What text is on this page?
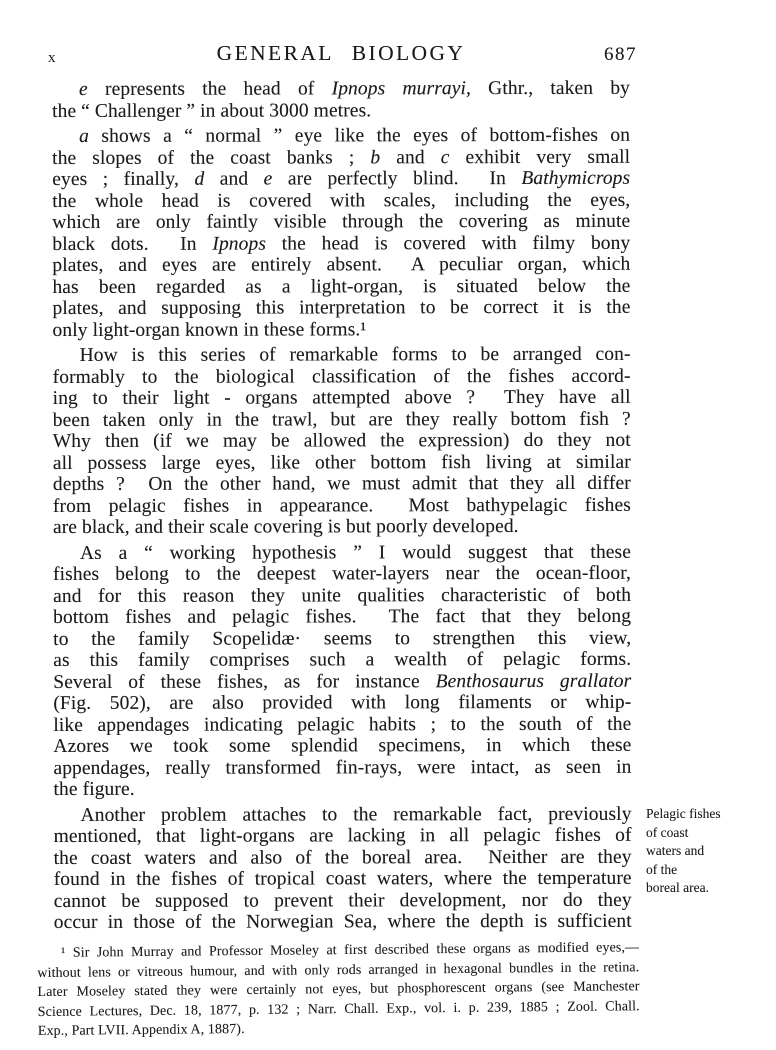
x	GENERAL BIOLOGY	687
e represents the head of Ipnops murrayi, Gthr., taken by
the “ Challenger ” in about 3000 metres.
a shows a “ normal ” eye like the eyes of bottom-fishes on
the slopes of the coast banks ; b and c exhibit very small
eyes ; finally, d and e are perfectly blind.  In Bathymicrops
the whole head is covered with scales, including the eyes,
which are only faintly visible through the covering as minute
black dots.  In Ipnops the head is covered with filmy bony
plates, and eyes are entirely absent.  A peculiar organ, which
has been regarded as a light-organ, is situated below the
plates, and supposing this interpretation to be correct it is the
only light-organ known in these forms.¹
How is this series of remarkable forms to be arranged con-
formably to the biological classification of the fishes accord-
ing to their light - organs attempted above ?  They have all
been taken only in the trawl, but are they really bottom fish ?
Why then (if we may be allowed the expression) do they not
all possess large eyes, like other bottom fish living at similar
depths ?  On the other hand, we must admit that they all differ
from pelagic fishes in appearance.  Most bathypelagic fishes
are black, and their scale covering is but poorly developed.
As a “ working hypothesis ” I would suggest that these
fishes belong to the deepest water-layers near the ocean-floor,
and for this reason they unite qualities characteristic of both
bottom fishes and pelagic fishes.  The fact that they belong
to the family Scopelidæ· seems to strengthen this view,
as this family comprises such a wealth of pelagic forms.
Several of these fishes, as for instance Benthosaurus grallator
(Fig. 502), are also provided with long filaments or whip-
like appendages indicating pelagic habits ; to the south of the
Azores we took some splendid specimens, in which these
appendages, really transformed fin-rays, were intact, as seen in
the figure.
Another problem attaches to the remarkable fact, previously
mentioned, that light-organs are lacking in all pelagic fishes of
the coast waters and also of the boreal area.  Neither are they
found in the fishes of tropical coast waters, where the temperature
cannot be supposed to prevent their development, nor do they
occur in those of the Norwegian Sea, where the depth is sufficient
Pelagic fishes
of coast
waters and
of the
boreal area.
¹ Sir John Murray and Professor Moseley at first described these organs as modified eyes,—
without lens or vitreous humour, and with only rods arranged in hexagonal bundles in the retina.
Later Moseley stated they were certainly not eyes, but phosphorescent organs (see Manchester
Science Lectures, Dec. 18, 1877, p. 132 ; Narr. Chall. Exp., vol. i. p. 239, 1885 ; Zool. Chall.
Exp., Part LVII. Appendix A, 1887).
